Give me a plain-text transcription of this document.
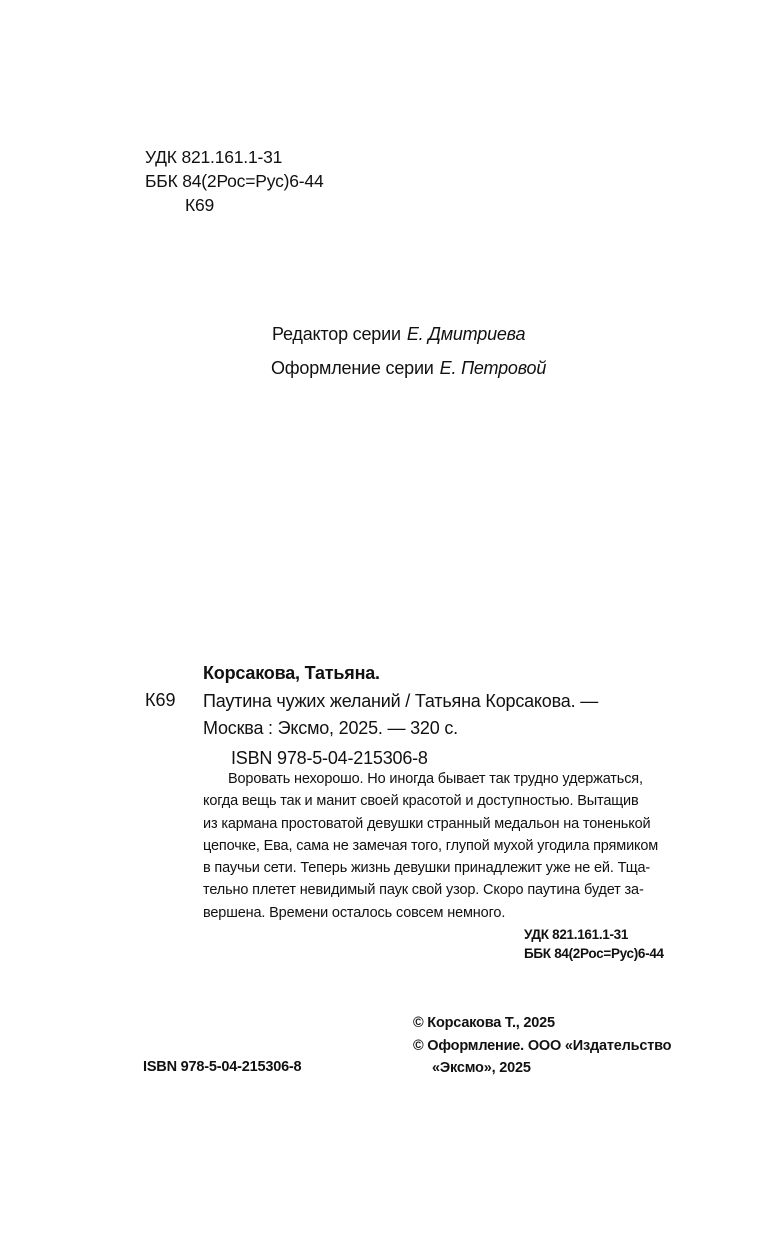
УДК 821.161.1-31
ББК 84(2Рос=Рус)6-44
К69
Редактор серии Е. Дмитриева
Оформление серии Е. Петровой
Корсакова, Татьяна.
К69 Паутина чужих желаний / Татьяна Корсакова. —
Москва : Эксмо, 2025. — 320 с.
ISBN 978-5-04-215306-8
Воровать нехорошо. Но иногда бывает так трудно удержаться,
когда вещь так и манит своей красотой и доступностью. Вытащив
из кармана простоватой девушки странный медальон на тоненькой
цепочке, Ева, сама не замечая того, глупой мухой угодила прямиком
в паучьи сети. Теперь жизнь девушки принадлежит уже не ей. Тща-
тельно плетет невидимый паук свой узор. Скоро паутина будет за-
вершена. Времени осталось совсем немного.
УДК 821.161.1-31
ББК 84(2Рос=Рус)6-44
© Корсакова Т., 2025
© Оформление. ООО «Издательство
«Эксмо», 2025
ISBN 978-5-04-215306-8
